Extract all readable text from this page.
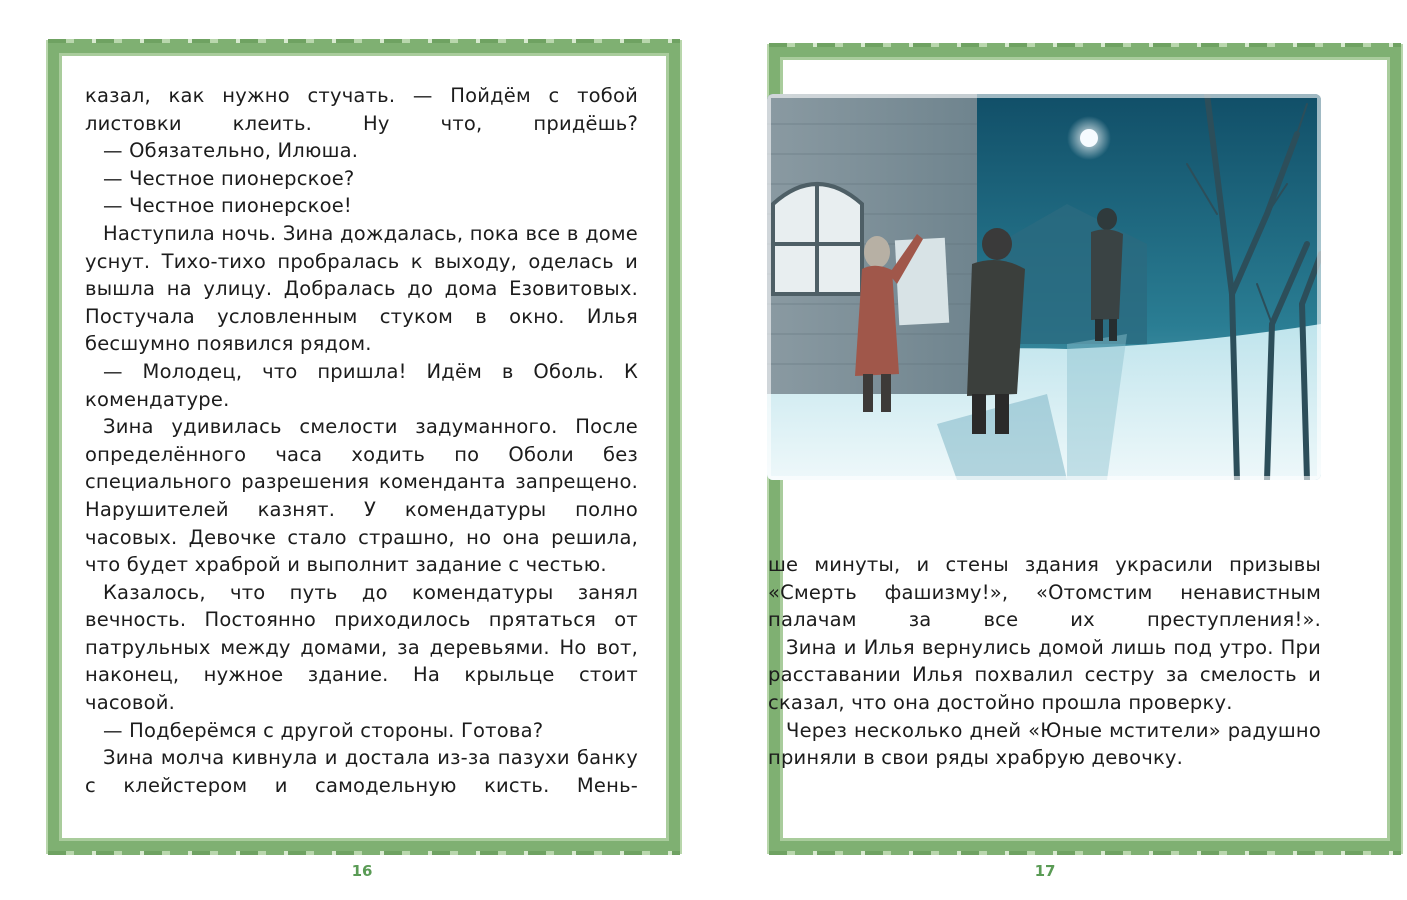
казал, как нужно стучать. — Пойдём с тобой листовки клеить. Ну что, придёшь?

— Обязательно, Илюша.

— Честное пионерское?

— Честное пионерское!

Наступила ночь. Зина дождалась, пока все в доме уснут. Тихо-тихо пробралась к выходу, оделась и вышла на улицу. Добралась до дома Езовитовых. Постучала условленным стуком в окно. Илья бесшумно появился рядом.

— Молодец, что пришла! Идём в Оболь. К комендатуре.

Зина удивилась смелости задуманного. После определённого часа ходить по Оболи без специального разрешения коменданта запрещено. Нарушителей казнят. У комендатуры полно часовых. Девочке стало страшно, но она решила, что будет храброй и выполнит задание с честью.

Казалось, что путь до комендатуры занял вечность. Постоянно приходилось прятаться от патрульных между домами, за деревьями. Но вот, наконец, нужное здание. На крыльце стоит часовой.

— Подберёмся с другой стороны. Готова?

Зина молча кивнула и достала из-за пазухи банку с клейстером и самодельную кисть. Мень-

16

ше минуты, и стены здания украсили призывы «Смерть фашизму!», «Отомстим ненавистным палачам за все их преступления!».

Зина и Илья вернулись домой лишь под утро. При расставании Илья похвалил сестру за смелость и сказал, что она достойно прошла проверку.

Через несколько дней «Юные мстители» радушно приняли в свои ряды храбрую девочку.

17
